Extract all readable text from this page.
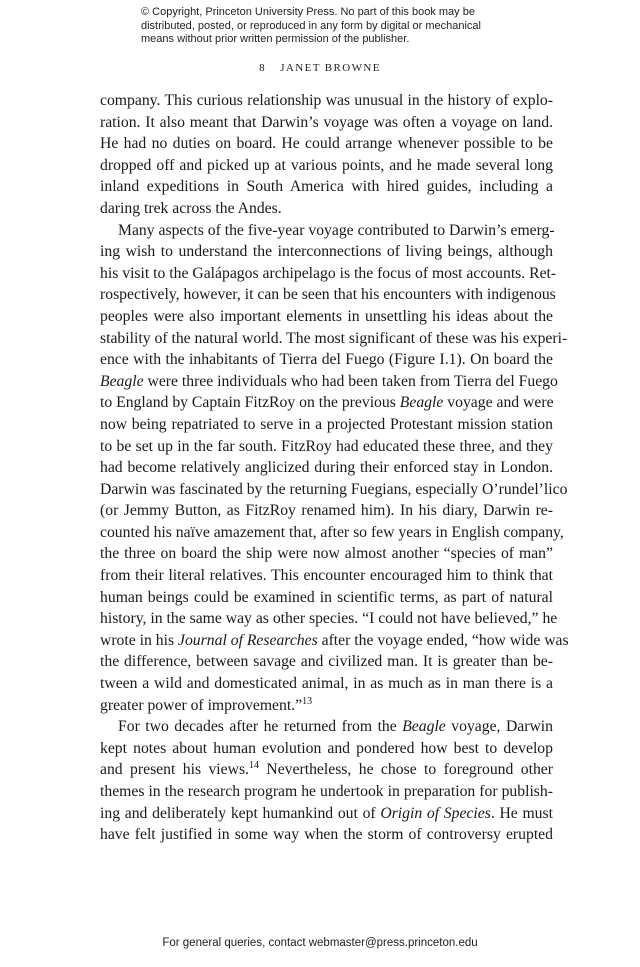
© Copyright, Princeton University Press. No part of this book may be
distributed, posted, or reproduced in any form by digital or mechanical
means without prior written permission of the publisher.
8 JANET BROWNE
company. This curious relationship was unusual in the history of explo-
ration. It also meant that Darwin’s voyage was often a voyage on land.
He had no duties on board. He could arrange whenever possible to be
dropped off and picked up at various points, and he made several long
inland expeditions in South America with hired guides, including a
daring trek across the Andes.
Many aspects of the five-year voyage contributed to Darwin’s emerg-
ing wish to understand the interconnections of living beings, although
his visit to the Galápagos archipelago is the focus of most accounts. Ret-
rospectively, however, it can be seen that his encounters with indigenous
peoples were also important elements in unsettling his ideas about the
stability of the natural world. The most significant of these was his experi-
ence with the inhabitants of Tierra del Fuego (Figure I.1). On board the
Beagle were three individuals who had been taken from Tierra del Fuego
to England by Captain FitzRoy on the previous Beagle voyage and were
now being repatriated to serve in a projected Protestant mission station
to be set up in the far south. FitzRoy had educated these three, and they
had become relatively anglicized during their enforced stay in London.
Darwin was fascinated by the returning Fuegians, especially O’rundel’lico
(or Jemmy Button, as FitzRoy renamed him). In his diary, Darwin re-
counted his naïve amazement that, after so few years in English company,
the three on board the ship were now almost another “species of man”
from their literal relatives. This encounter encouraged him to think that
human beings could be examined in scientific terms, as part of natural
history, in the same way as other species. “I could not have believed,” he
wrote in his Journal of Researches after the voyage ended, “how wide was
the difference, between savage and civilized man. It is greater than be-
tween a wild and domesticated animal, in as much as in man there is a
greater power of improvement.”$^{13}$
For two decades after he returned from the Beagle voyage, Darwin
kept notes about human evolution and pondered how best to develop
and present his views.$^{14}$ Nevertheless, he chose to foreground other
themes in the research program he undertook in preparation for publish-
ing and deliberately kept humankind out of Origin of Species. He must
have felt justified in some way when the storm of controversy erupted
For general queries, contact webmaster@press.princeton.edu
